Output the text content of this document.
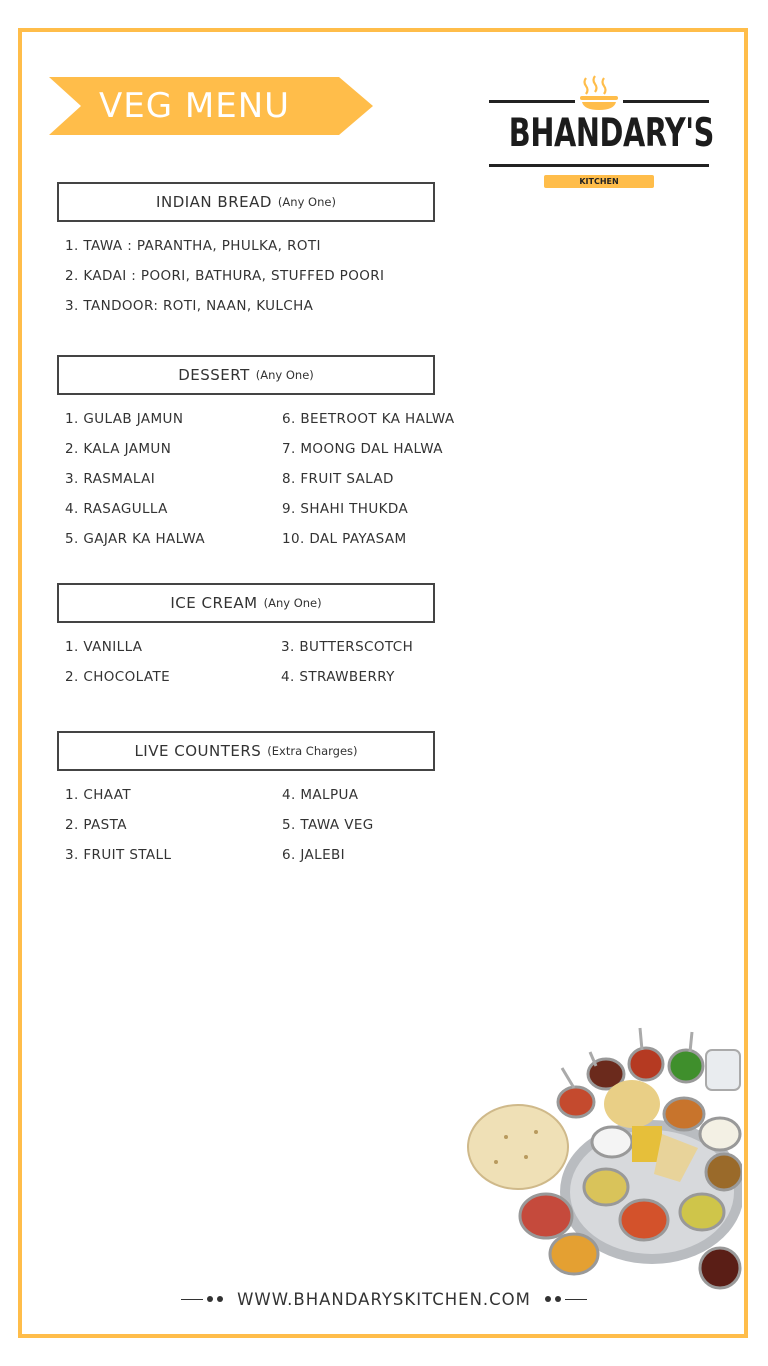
VEG MENU
BHANDARY'S
KITCHEN
INDIAN BREAD (Any One)
1. TAWA : PARANTHA, PHULKA, ROTI
2. KADAI : POORI, BATHURA, STUFFED POORI
3. TANDOOR: ROTI, NAAN, KULCHA
DESSERT (Any One)
1. GULAB JAMUN
2. KALA JAMUN
3. RASMALAI
4. RASAGULLA
5. GAJAR KA HALWA
6. BEETROOT KA HALWA
7. MOONG DAL HALWA
8. FRUIT SALAD
9. SHAHI THUKDA
10. DAL PAYASAM
ICE CREAM (Any One)
1. VANILLA
2. CHOCOLATE
3. BUTTERSCOTCH
4. STRAWBERRY
LIVE COUNTERS (Extra Charges)
1. CHAAT
2. PASTA
3. FRUIT STALL
4. MALPUA
5. TAWA VEG
6. JALEBI
WWW.BHANDARYSKITCHEN.COM
